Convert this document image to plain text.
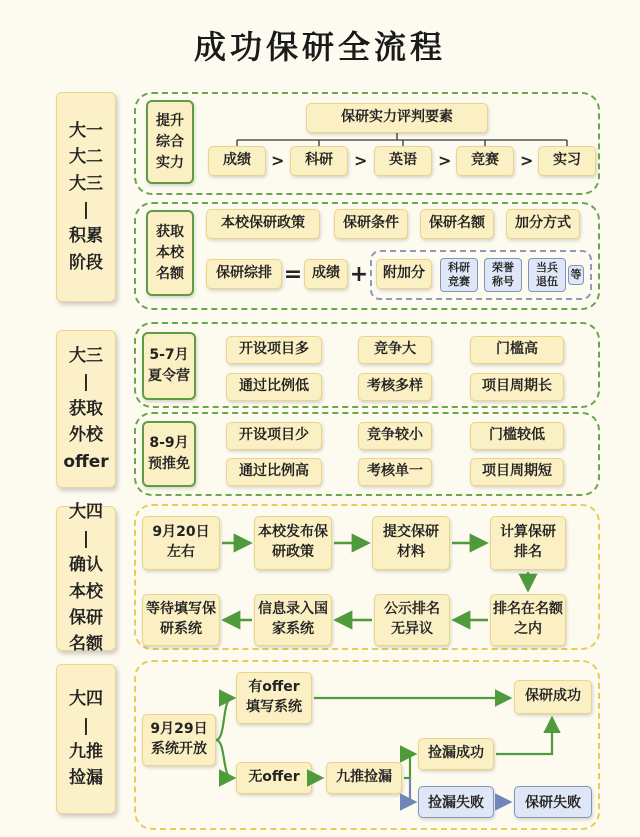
成功保研全流程
大一
大二
大三
|
积累
阶段
提升
综合
实力
保研实力评判要素
成绩	>	科研	>	英语	>	竞赛	>	实习
获取
本校
名额
本校保研政策	保研条件	保研名额	加分方式
保研综排 = 成绩 +	附加分	科研
竞赛
荣誉
称号
当兵
退伍
等
大三
|
获取
外校
offer
5-7月
夏令营
开设项目多	竞争大	门槛高
通过比例低	考核多样	项目周期长
8-9月
预推免
开设项目少	竞争较小	门槛较低
通过比例高	考核单一	项目周期短
大四
|
确认
本校
保研
名额
9月20日
左右
本校发布保
研政策
提交保研
材料
计算保研
排名
排名在名额
之内
公示排名
无异议
信息录入国
家系统
等待填写保
研系统
大四
|
九推
捡漏
9月29日
系统开放
有offer
填写系统
无offer	九推捡漏
捡漏成功
捡漏失败
保研成功
保研失败
